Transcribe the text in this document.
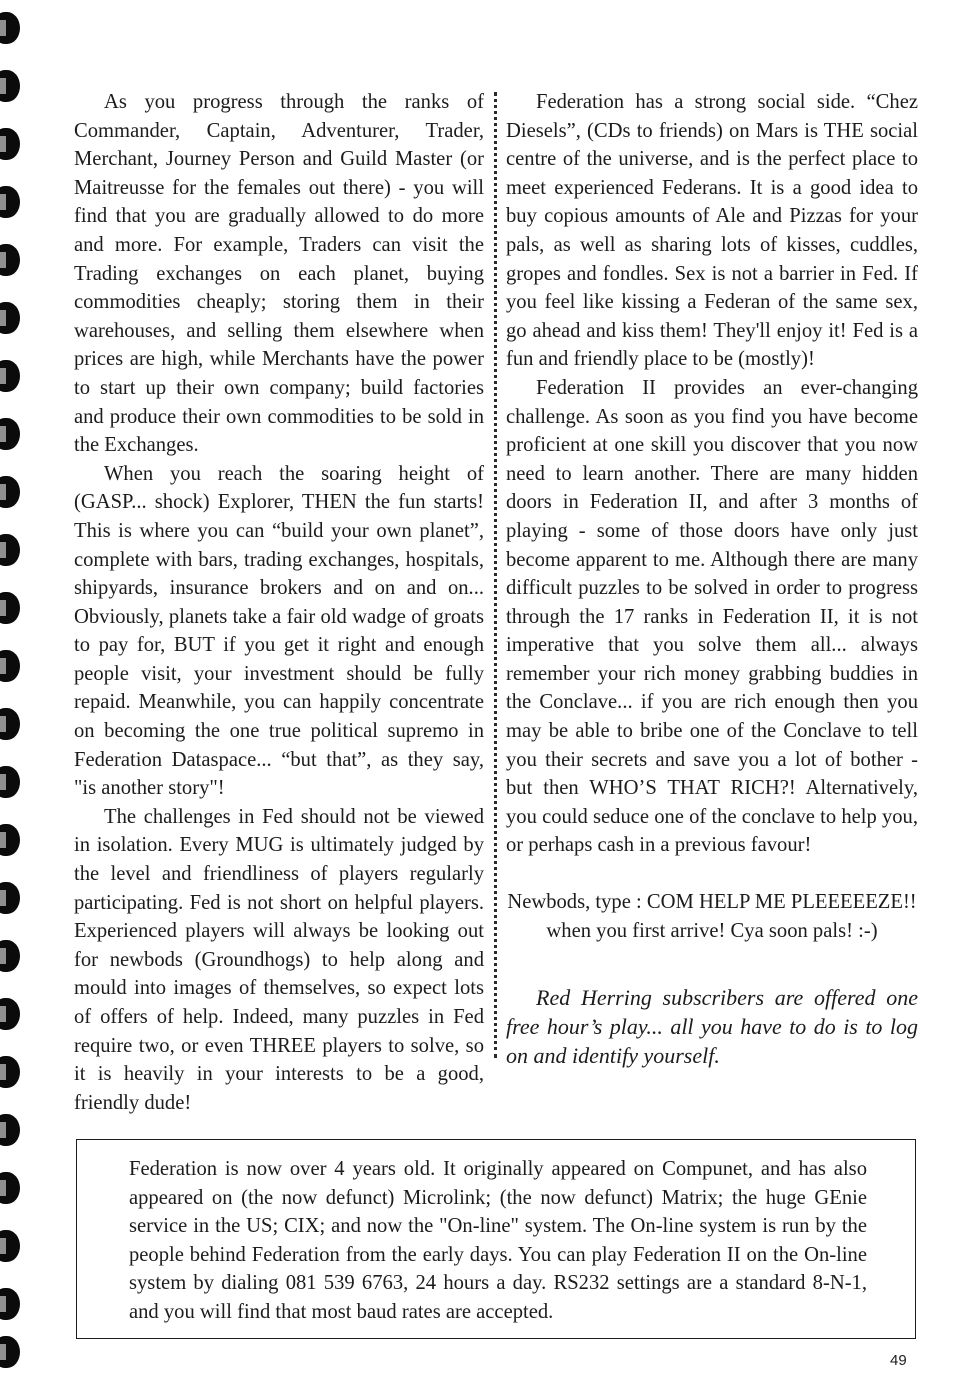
As you progress through the ranks of Commander, Captain, Adventurer, Trader, Merchant, Journey Person and Guild Master (or Maitreusse for the females out there) - you will find that you are gradually allowed to do more and more. For example, Traders can visit the Trading exchanges on each planet, buying commodities cheaply; storing them in their warehouses, and selling them elsewhere when prices are high, while Merchants have the power to start up their own company; build factories and produce their own commodities to be sold in the Exchanges.

When you reach the soaring height of (GASP... shock) Explorer, THEN the fun starts! This is where you can “build your own planet”, complete with bars, trading exchanges, hospitals, shipyards, insurance brokers and on and on... Obviously, planets take a fair old wadge of groats to pay for, BUT if you get it right and enough people visit, your investment should be fully repaid. Meanwhile, you can happily concentrate on becoming the one true political supremo in Federation Dataspace... “but that”, as they say, "is another story"!

The challenges in Fed should not be viewed in isolation. Every MUG is ultimately judged by the level and friendliness of players regularly participating. Fed is not short on helpful players. Experienced players will always be looking out for newbods (Groundhogs) to help along and mould into images of themselves, so expect lots of offers of help. Indeed, many puzzles in Fed require two, or even THREE players to solve, so it is heavily in your interests to be a good, friendly dude!

Federation has a strong social side. “Chez Diesels”, (CDs to friends) on Mars is THE social centre of the universe, and is the perfect place to meet experienced Federans. It is a good idea to buy copious amounts of Ale and Pizzas for your pals, as well as sharing lots of kisses, cuddles, gropes and fondles. Sex is not a barrier in Fed. If you feel like kissing a Federan of the same sex, go ahead and kiss them! They'll enjoy it! Fed is a fun and friendly place to be (mostly)!

Federation II provides an ever-changing challenge. As soon as you find you have become proficient at one skill you discover that you now need to learn another. There are many hidden doors in Federation II, and after 3 months of playing - some of those doors have only just become apparent to me. Although there are many difficult puzzles to be solved in order to progress through the 17 ranks in Federation II, it is not imperative that you solve them all... always remember your rich money grabbing buddies in the Conclave... if you are rich enough then you may be able to bribe one of the Conclave to tell you their secrets and save you a lot of bother - but then WHO’S THAT RICH?! Alternatively, you could seduce one of the conclave to help you, or perhaps cash in a previous favour!

Newbods, type : COM HELP ME PLEEEEEZE!!

when you first arrive! Cya soon pals! :-)

Red Herring subscribers are offered one free hour’s play... all you have to do is to log on and identify yourself.

Federation is now over 4 years old. It originally appeared on Compunet, and has also appeared on (the now defunct) Microlink; (the now defunct) Matrix; the huge GEnie service in the US; CIX; and now the "On-line" system. The On-line system is run by the people behind Federation from the early days. You can play Federation II on the On-line system by dialing 081 539 6763, 24 hours a day. RS232 settings are a standard 8-N-1, and you will find that most baud rates are accepted.

49
